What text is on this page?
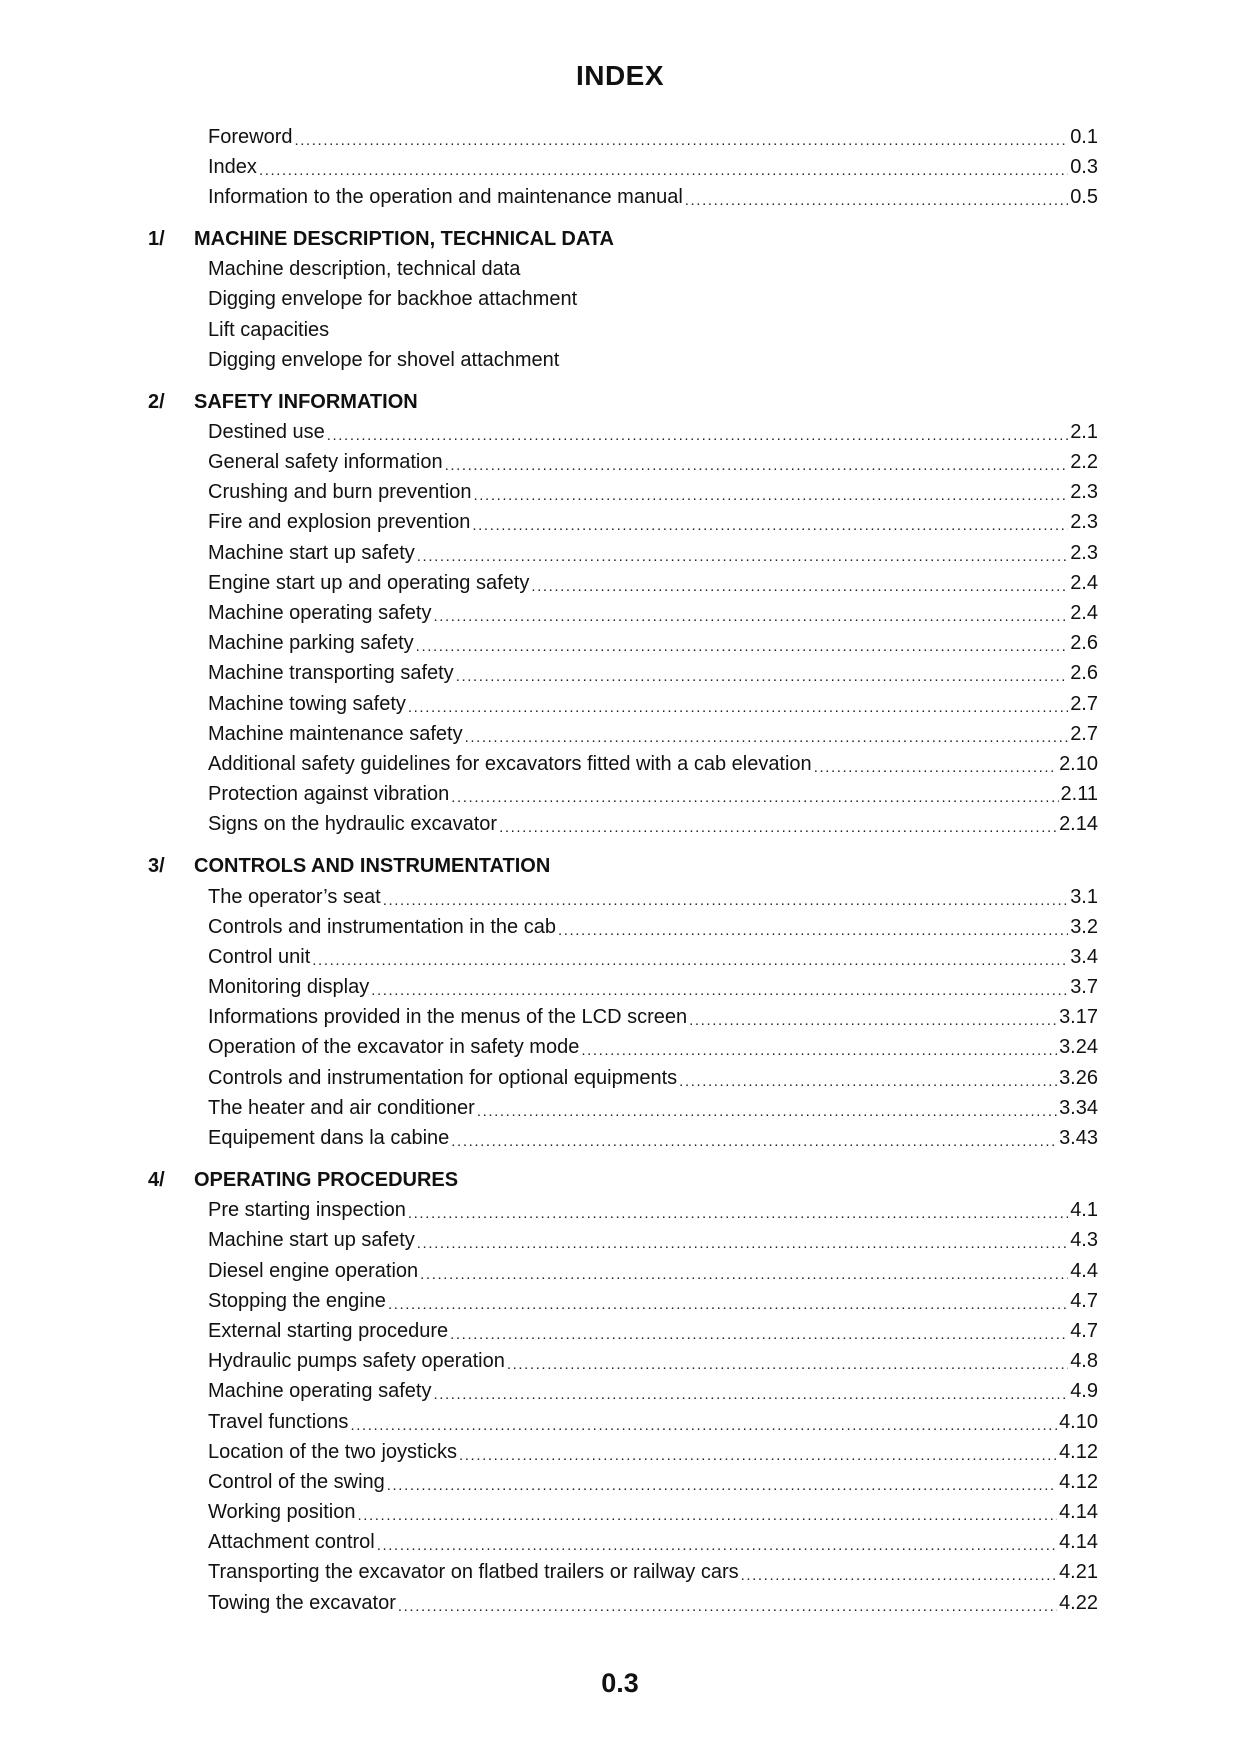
INDEX
Foreword .....	0.1
Index .....	0.3
Information to the operation and maintenance manual .....	0.5
1/	MACHINE DESCRIPTION, TECHNICAL DATA
Machine description, technical data
Digging envelope for backhoe attachment
Lift capacities
Digging envelope for shovel attachment
2/	SAFETY INFORMATION
Destined use .....	2.1
General safety information .....	2.2
Crushing and burn prevention .....	2.3
Fire and explosion prevention .....	2.3
Machine start up safety .....	2.3
Engine start up and operating safety .....	2.4
Machine operating safety .....	2.4
Machine parking safety .....	2.6
Machine transporting safety .....	2.6
Machine towing safety .....	2.7
Machine maintenance safety .....	2.7
Additional safety guidelines for excavators fitted with a cab elevation .....	2.10
Protection against vibration .....	2.11
Signs on the hydraulic excavator .....	2.14
3/	CONTROLS AND INSTRUMENTATION
The operator’s seat .....	3.1
Controls and instrumentation in the cab .....	3.2
Control unit .....	3.4
Monitoring display .....	3.7
Informations provided in the menus of the LCD screen .....	3.17
Operation of the excavator in safety mode .....	3.24
Controls and instrumentation for optional equipments .....	3.26
The heater and air conditioner .....	3.34
Equipement dans la cabine .....	3.43
4/	OPERATING PROCEDURES
Pre starting inspection .....	4.1
Machine start up safety .....	4.3
Diesel engine operation .....	4.4
Stopping the engine .....	4.7
External starting procedure .....	4.7
Hydraulic pumps safety operation .....	4.8
Machine operating safety .....	4.9
Travel functions .....	4.10
Location of the two joysticks .....	4.12
Control of the swing .....	4.12
Working position .....	4.14
Attachment control .....	4.14
Transporting the excavator on flatbed trailers or railway cars .....	4.21
Towing the excavator .....	4.22
0.3
